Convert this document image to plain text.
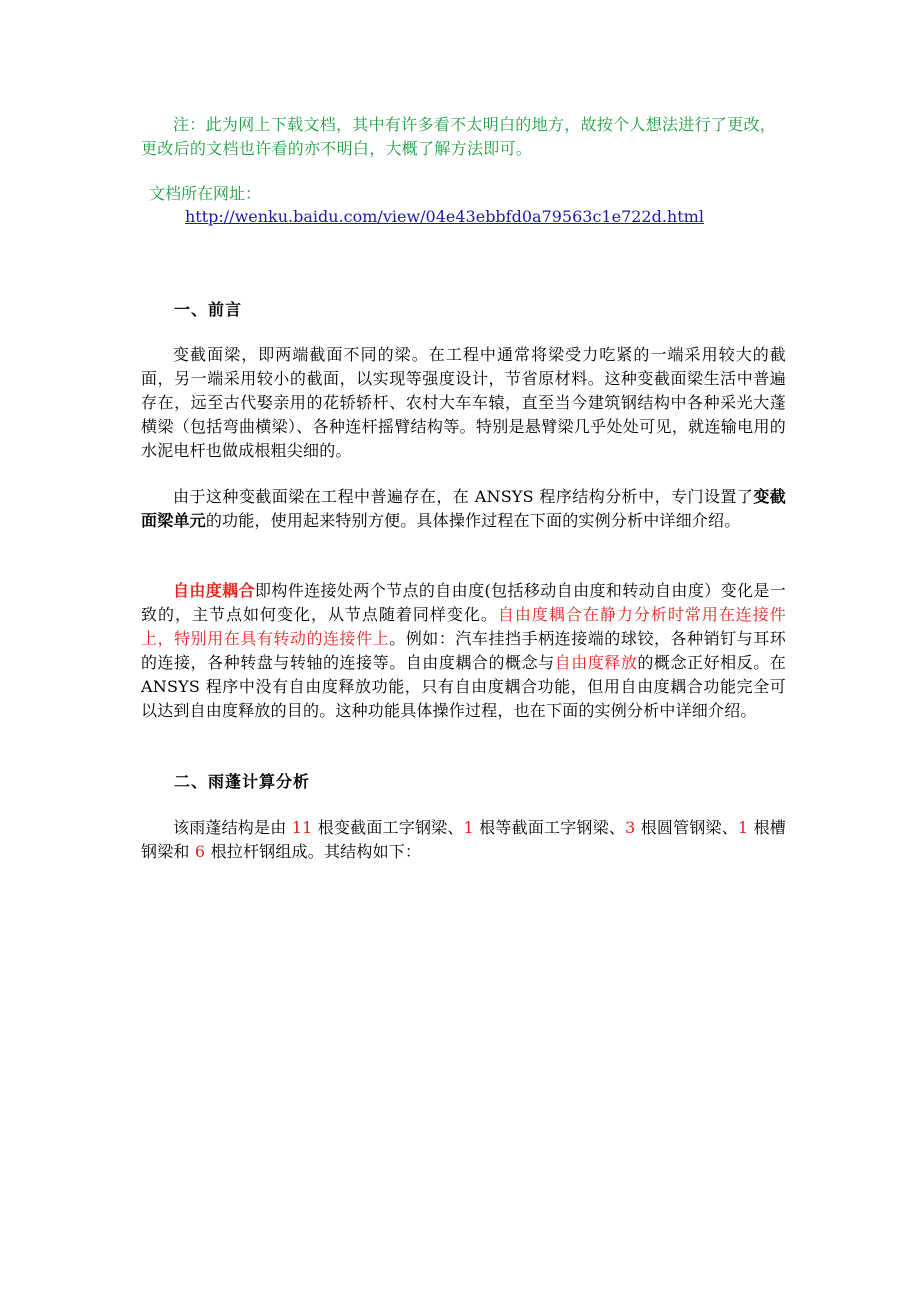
注：此为网上下载文档，其中有许多看不太明白的地方，故按个人想法进行了更改，更改后的文档也许看的亦不明白，大概了解方法即可。

文档所在网址：

http://wenku.baidu.com/view/04e43ebbfd0a79563c1e722d.html

一、前言

变截面梁，即两端截面不同的梁。在工程中通常将梁受力吃紧的一端采用较大的截面，另一端采用较小的截面，以实现等强度设计，节省原材料。这种变截面梁生活中普遍存在，远至古代娶亲用的花轿轿杆、农村大车车辕，直至当今建筑钢结构中各种采光大蓬横梁（包括弯曲横梁）、各种连杆摇臂结构等。特别是悬臂梁几乎处处可见，就连输电用的水泥电杆也做成根粗尖细的。

由于这种变截面梁在工程中普遍存在，在 ANSYS 程序结构分析中，专门设置了变截面梁单元的功能，使用起来特别方便。具体操作过程在下面的实例分析中详细介绍。

自由度耦合即构件连接处两个节点的自由度(包括移动自由度和转动自由度）变化是一致的，主节点如何变化，从节点随着同样变化。自由度耦合在静力分析时常用在连接件上，特别用在具有转动的连接件上。例如：汽车挂挡手柄连接端的球铰，各种销钉与耳环的连接，各种转盘与转轴的连接等。自由度耦合的概念与自由度释放的概念正好相反。在 ANSYS 程序中没有自由度释放功能，只有自由度耦合功能，但用自由度耦合功能完全可以达到自由度释放的目的。这种功能具体操作过程，也在下面的实例分析中详细介绍。

二、雨蓬计算分析

该雨蓬结构是由 11 根变截面工字钢梁、1 根等截面工字钢梁、3 根圆管钢梁、1 根槽钢梁和 6 根拉杆钢组成。其结构如下：
